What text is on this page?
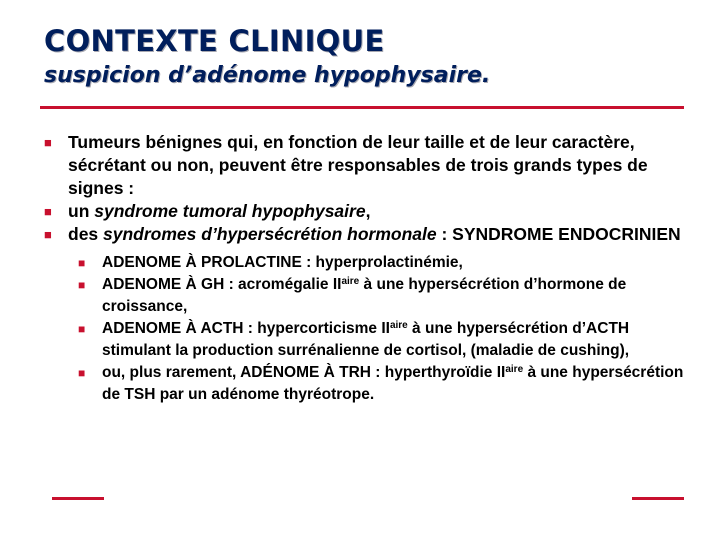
CONTEXTE CLINIQUE
suspicion d’adénome hypophysaire.
■ Tumeurs bénignes qui, en fonction de leur taille et de leur caractère, sécrétant ou non, peuvent être responsables de trois grands types de signes :
■ un syndrome tumoral hypophysaire,
■ des syndromes d’hypersécrétion hormonale : SYNDROME ENDOCRINIEN
■ ADENOME À PROLACTINE : hyperprolactinémie,
■ ADENOME À GH : acromégalie $II^{aire}$ à une hypersécrétion d’hormone de croissance,
■ ADENOME À ACTH : hypercorticisme $II^{aire}$ à une hypersécrétion d’ACTH stimulant la production surrénalienne de cortisol, (maladie de cushing),
■ ou, plus rarement, ADÉNOME À TRH : hyperthyroïdie $II^{aire}$ à une hypersécrétion de TSH par un adénome thyréotrope.
